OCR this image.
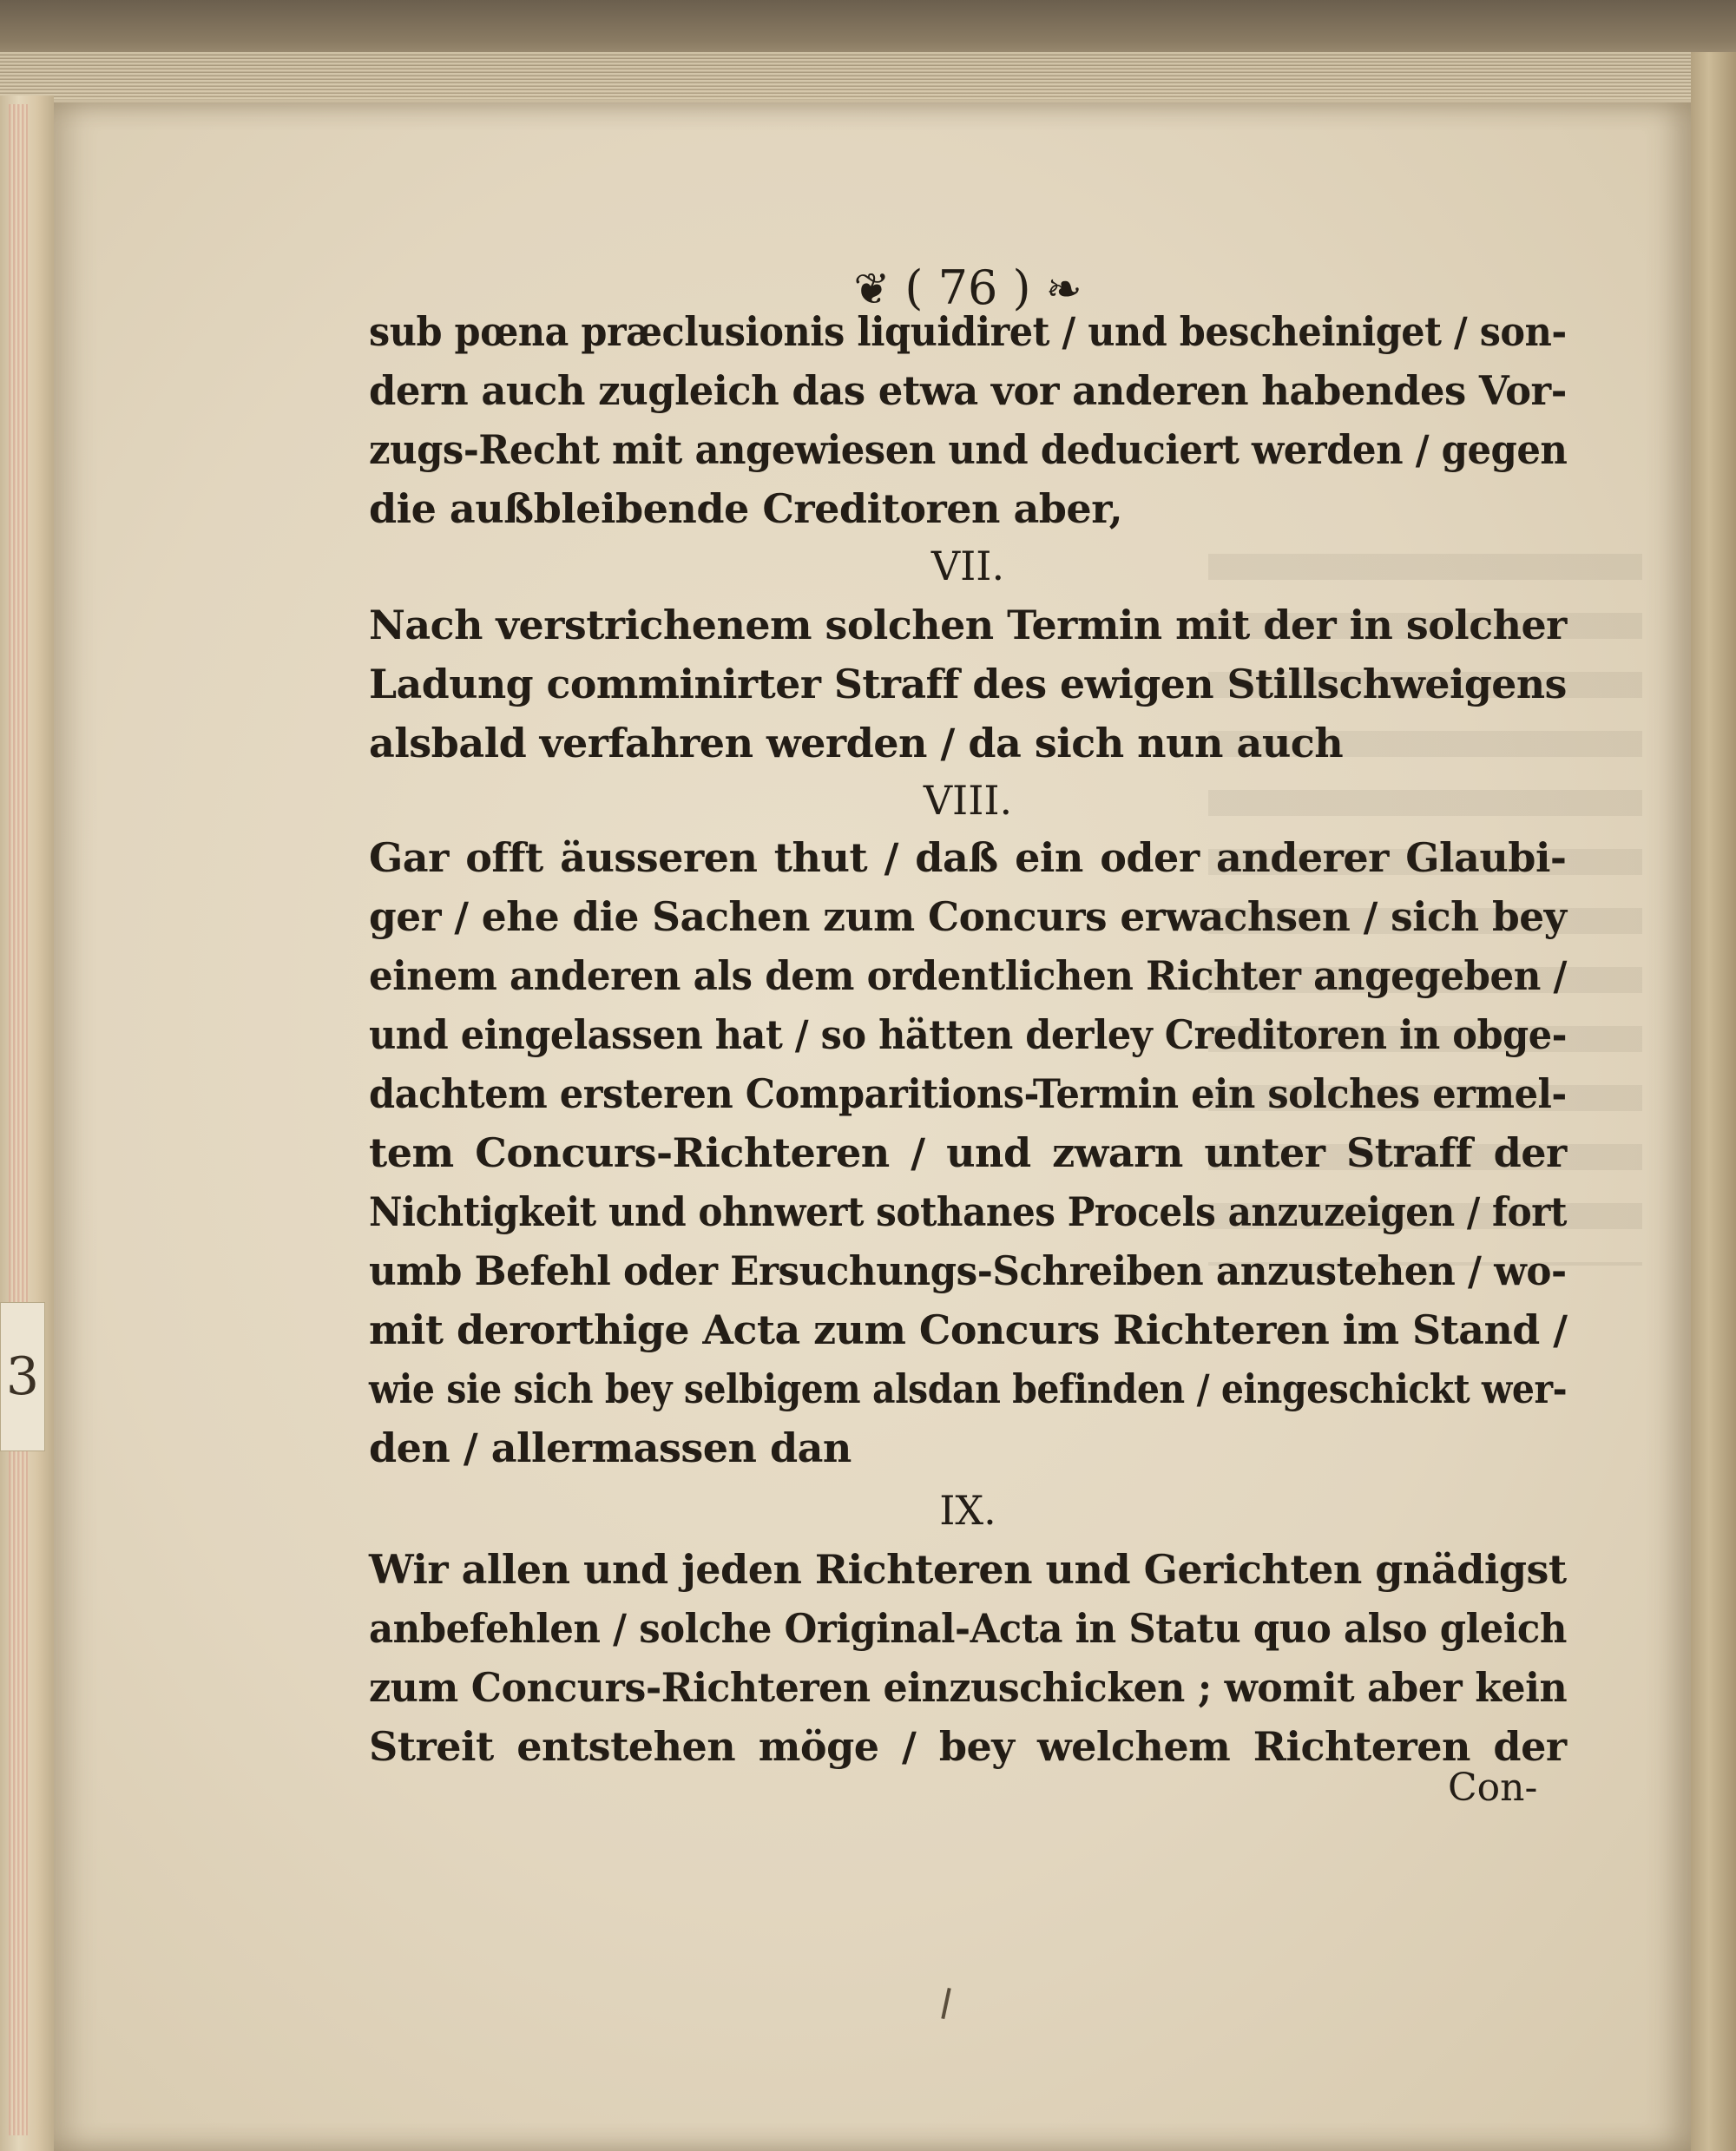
3
❦ ( 76 ) ❧
sub pœna præclusionis liquidiret / und bescheiniget / son-
dern auch zugleich das etwa vor anderen habendes Vor-
zugs-Recht mit angewiesen und deduciert werden / gegen
die außbleibende Creditoren aber,
VII.
Nach verstrichenem solchen Termin mit der in solcher
Ladung comminirter Straff des ewigen Stillschweigens
alsbald verfahren werden / da sich nun auch
VIII.
Gar offt äusseren thut / daß ein oder anderer Glaubi-
ger / ehe die Sachen zum Concurs erwachsen / sich bey
einem anderen als dem ordentlichen Richter angegeben /
und eingelassen hat / so hätten derley Creditoren in obge-
dachtem ersteren Comparitions-Termin ein solches ermel-
tem Concurs-Richteren / und zwarn unter Straff der
Nichtigkeit und ohnwert sothanes Procels anzuzeigen / fort
umb Befehl oder Ersuchungs-Schreiben anzustehen / wo-
mit derorthige Acta zum Concurs Richteren im Stand /
wie sie sich bey selbigem alsdan befinden / eingeschickt wer-
den / allermassen dan
IX.
Wir allen und jeden Richteren und Gerichten gnädigst
anbefehlen / solche Original-Acta in Statu quo also gleich
zum Concurs-Richteren einzuschicken ; womit aber kein
Streit entstehen möge / bey welchem Richteren der
Con-
